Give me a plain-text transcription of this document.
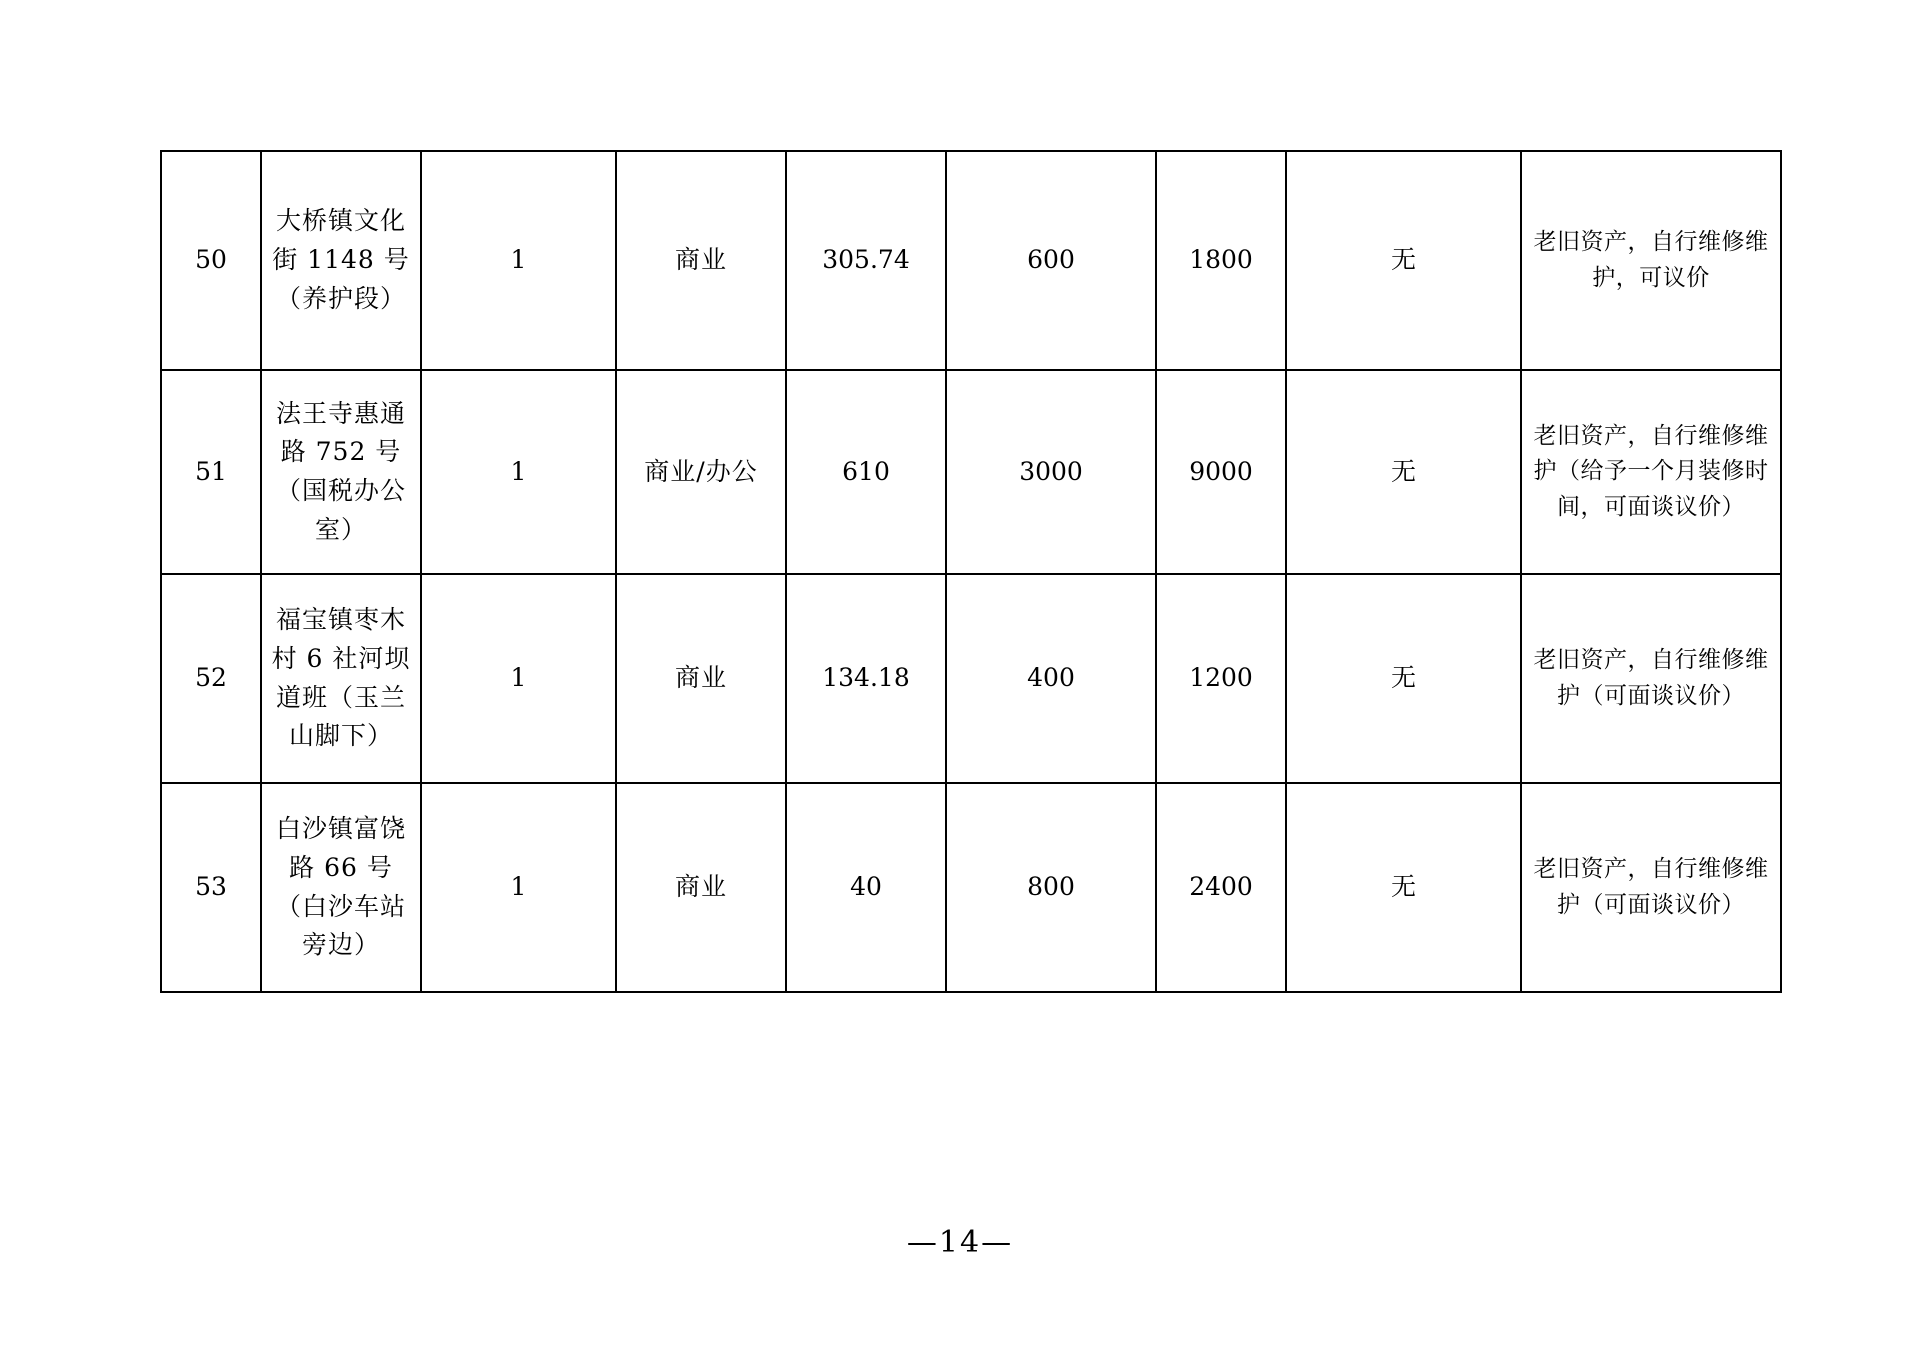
50	大桥镇文化街 1148 号（养护段）	1	商业	305.74	600	1800	无	老旧资产，自行维修维护，可议价
51	法王寺惠通路 752 号（国税办公室）	1	商业/办公	610	3000	9000	无	老旧资产，自行维修维护（给予一个月装修时间，可面谈议价）
52	福宝镇枣木村 6 社河坝道班（玉兰山脚下）	1	商业	134.18	400	1200	无	老旧资产，自行维修维护（可面谈议价）
53	白沙镇富饶路 66 号（白沙车站旁边）	1	商业	40	800	2400	无	老旧资产，自行维修维护（可面谈议价）
—14—
